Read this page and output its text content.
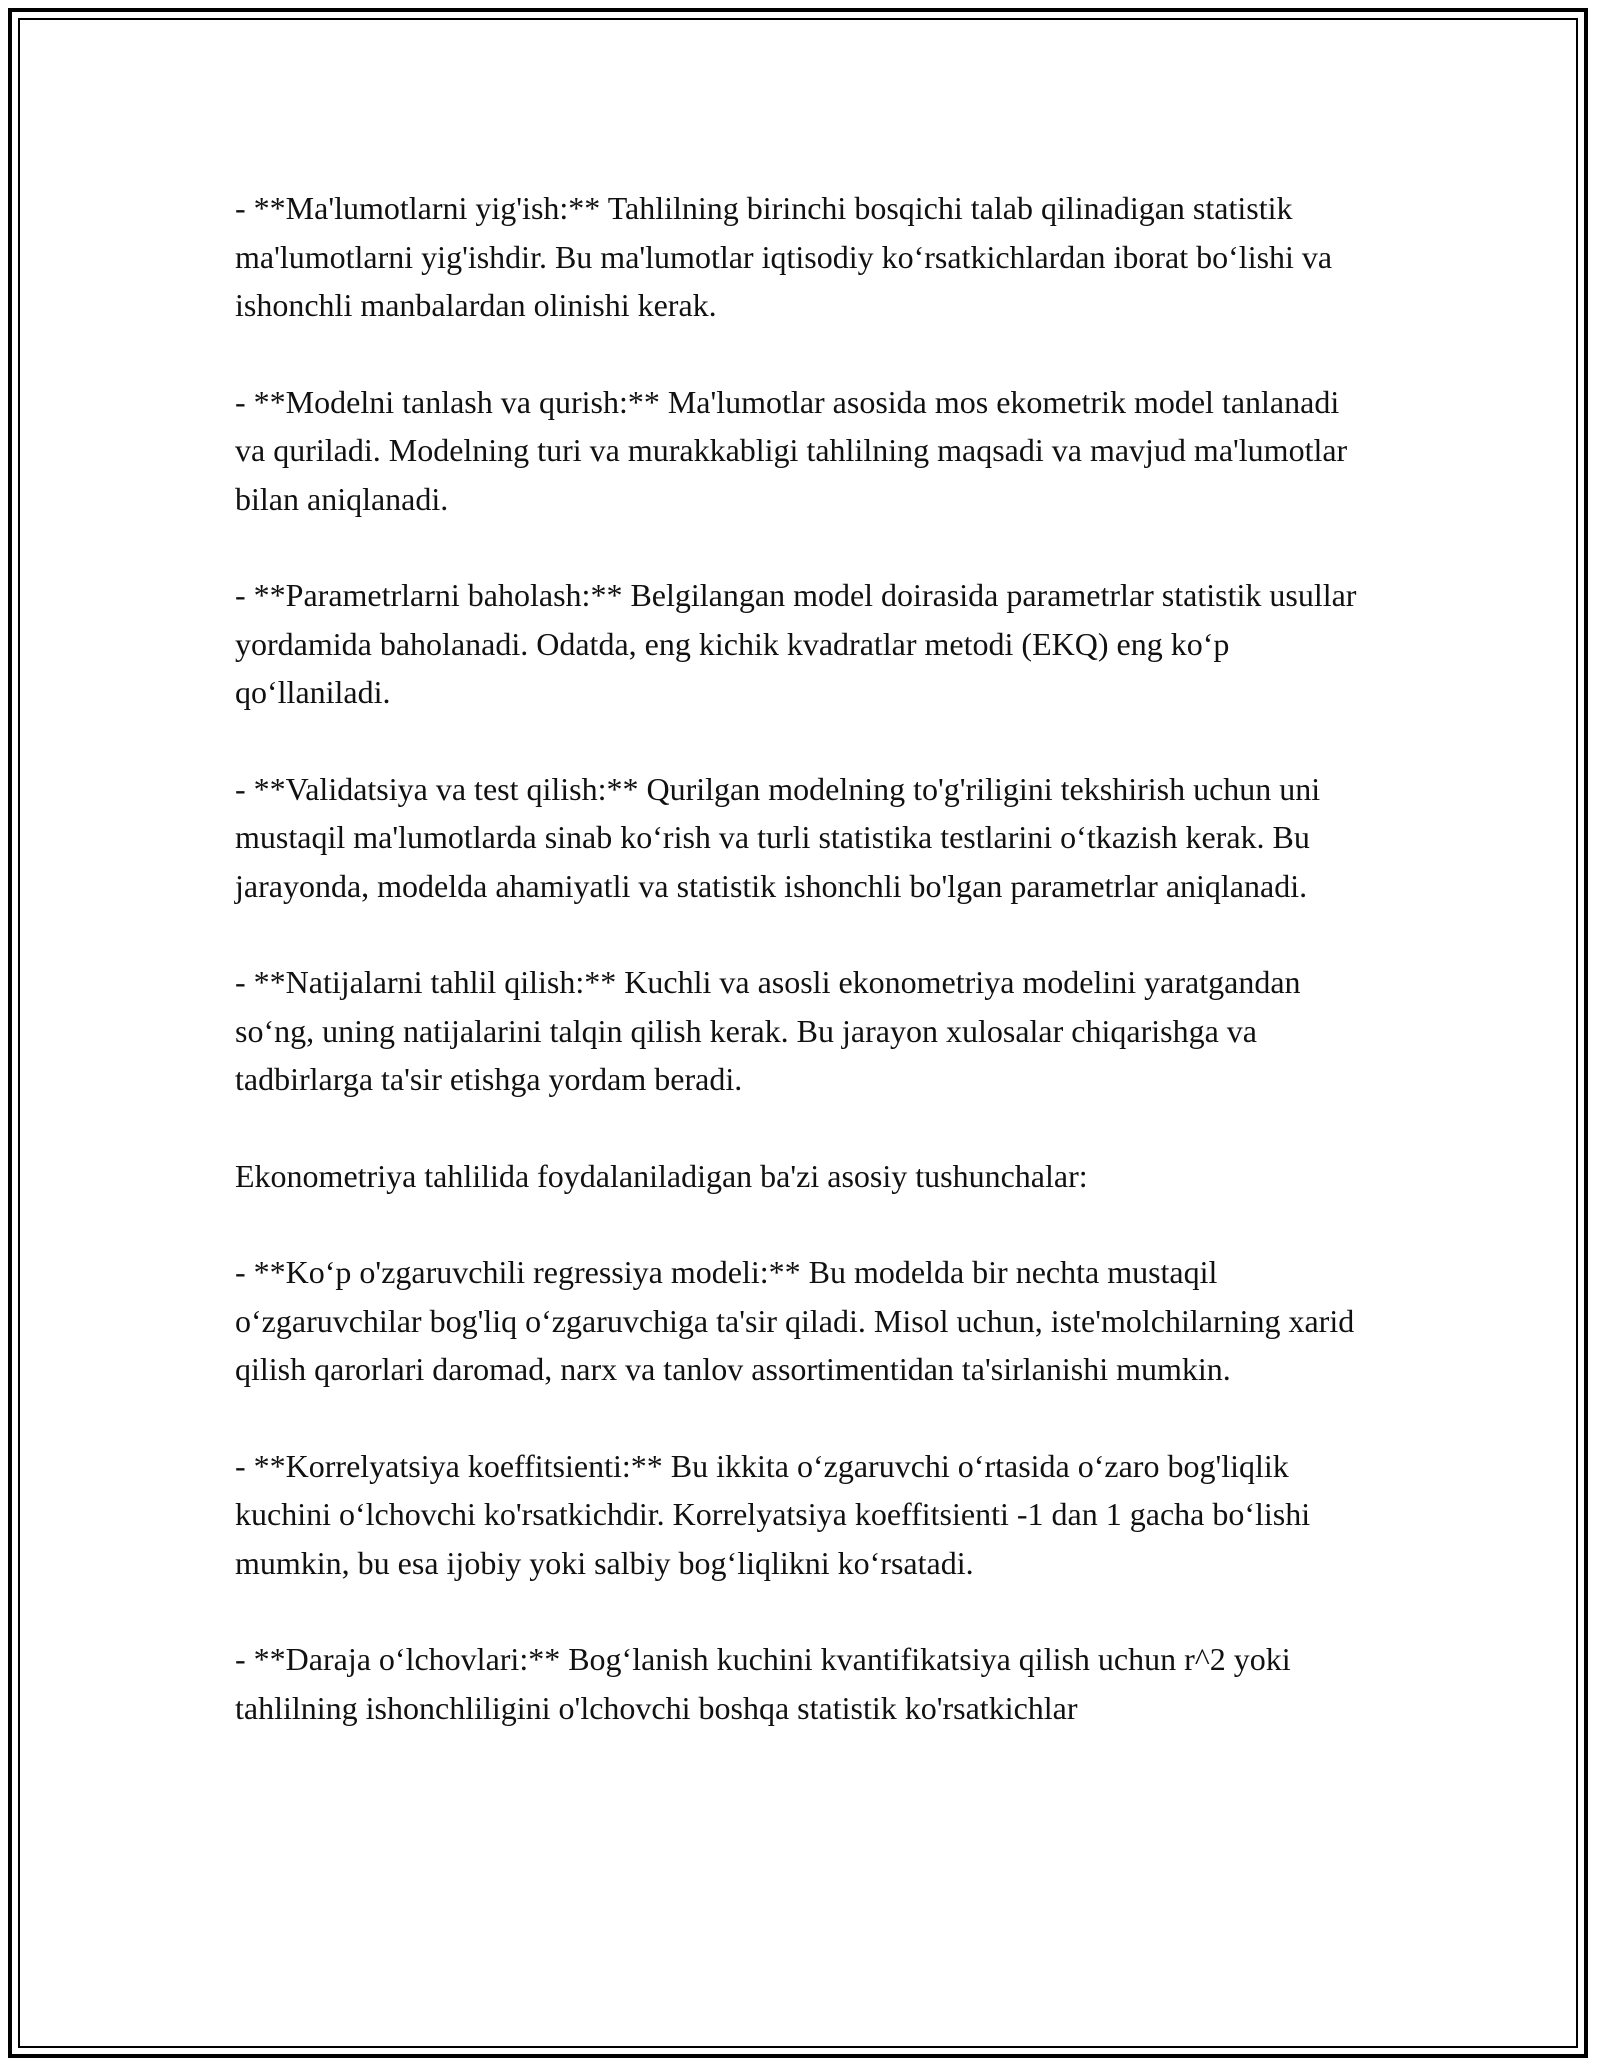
- **Ma'lumotlarni yig'ish:** Tahlilning birinchi bosqichi talab qilinadigan statistik ma'lumotlarni yig'ishdir. Bu ma'lumotlar iqtisodiy ko‘rsatkichlardan iborat bo‘lishi va ishonchli manbalardan olinishi kerak.

- **Modelni tanlash va qurish:** Ma'lumotlar asosida mos ekometrik model tanlanadi va quriladi. Modelning turi va murakkabligi tahlilning maqsadi va mavjud ma'lumotlar bilan aniqlanadi.

- **Parametrlarni baholash:** Belgilangan model doirasida parametrlar statistik usullar yordamida baholanadi. Odatda, eng kichik kvadratlar metodi (EKQ) eng ko‘p qo‘llaniladi.

- **Validatsiya va test qilish:** Qurilgan modelning to'g'riligini tekshirish uchun uni mustaqil ma'lumotlarda sinab ko‘rish va turli statistika testlarini o‘tkazish kerak. Bu jarayonda, modelda ahamiyatli va statistik ishonchli bo'lgan parametrlar aniqlanadi.

- **Natijalarni tahlil qilish:** Kuchli va asosli ekonometriya modelini yaratgandan so‘ng, uning natijalarini talqin qilish kerak. Bu jarayon xulosalar chiqarishga va tadbirlarga ta'sir etishga yordam beradi.

Ekonometriya tahlilida foydalaniladigan ba'zi asosiy tushunchalar:

- **Ko‘p o'zgaruvchili regressiya modeli:** Bu modelda bir nechta mustaqil o‘zgaruvchilar bog'liq o‘zgaruvchiga ta'sir qiladi. Misol uchun, iste'molchilarning xarid qilish qarorlari daromad, narx va tanlov assortimentidan ta'sirlanishi mumkin.

- **Korrelyatsiya koeffitsienti:** Bu ikkita o‘zgaruvchi o‘rtasida o‘zaro bog'liqlik kuchini o‘lchovchi ko'rsatkichdir. Korrelyatsiya koeffitsienti -1 dan 1 gacha bo‘lishi mumkin, bu esa ijobiy yoki salbiy bog‘liqlikni ko‘rsatadi.

- **Daraja o‘lchovlari:** Bog‘lanish kuchini kvantifikatsiya qilish uchun r^2 yoki tahlilning ishonchliligini o'lchovchi boshqa statistik ko'rsatkichlar
